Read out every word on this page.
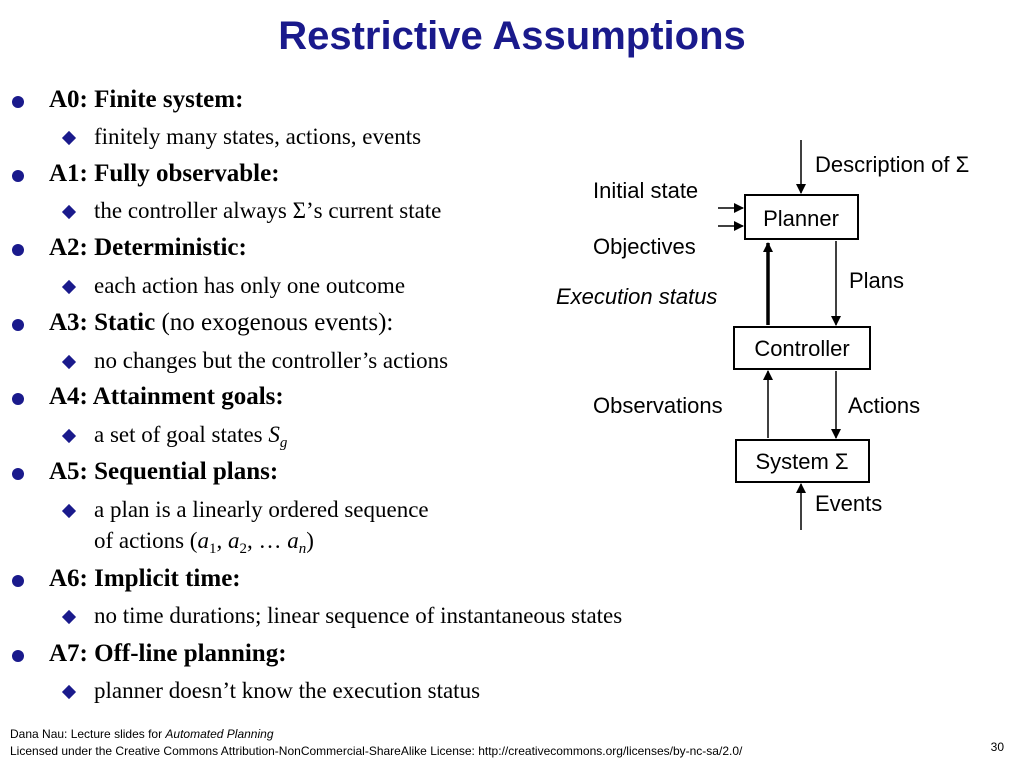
Restrictive Assumptions
A0: Finite system:
finitely many states, actions, events
A1: Fully observable:
the controller always Σ’s current state
A2: Deterministic:
each action has only one outcome
A3: Static (no exogenous events):
no changes but the controller’s actions
A4: Attainment goals:
a set of goal states $S_g$
A5: Sequential plans:
a plan is a linearly ordered sequence
of actions ($a_1$, $a_2$, … $a_n$)
A6: Implicit time:
no time durations; linear sequence of instantaneous states
A7: Off-line planning:
planner doesn’t know the execution status
Planner
Controller
System Σ
Description of Σ
Initial state
Objectives
Execution status
Plans
Observations	Actions
Events
Dana Nau: Lecture slides for Automated Planning
Licensed under the Creative Commons Attribution-NonCommercial-ShareAlike License: http://creativecommons.org/licenses/by-nc-sa/2.0/	30
